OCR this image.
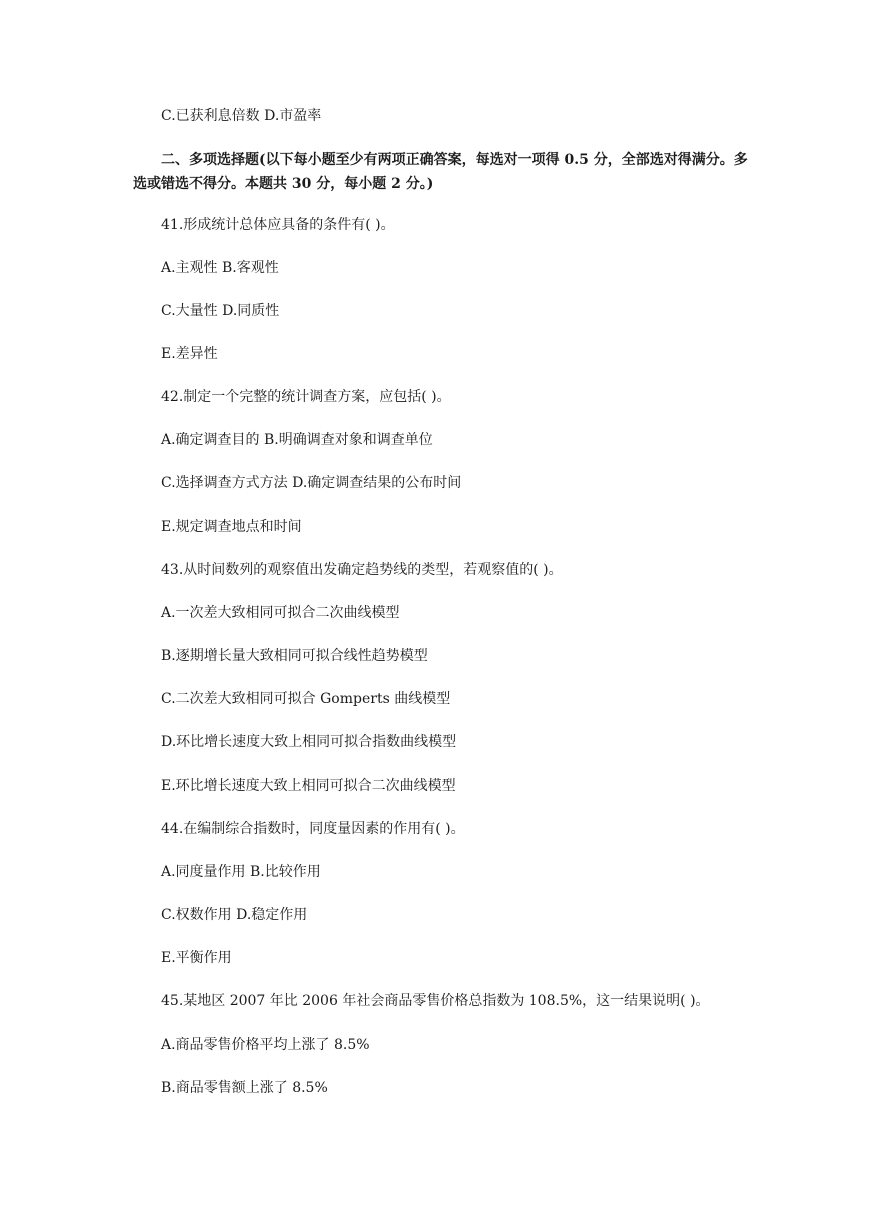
C.已获利息倍数 D.市盈率
二、多项选择题(以下每小题至少有两项正确答案，每选对一项得 0.5 分，全部选对得满分。多选或错选不得分。本题共 30 分，每小题 2 分。)
41.形成统计总体应具备的条件有( )。
A.主观性 B.客观性
C.大量性 D.同质性
E.差异性
42.制定一个完整的统计调查方案，应包括( )。
A.确定调查目的 B.明确调查对象和调查单位
C.选择调查方式方法 D.确定调查结果的公布时间
E.规定调查地点和时间
43.从时间数列的观察值出发确定趋势线的类型，若观察值的( )。
A.一次差大致相同可拟合二次曲线模型
B.逐期增长量大致相同可拟合线性趋势模型
C.二次差大致相同可拟合 Gomperts 曲线模型
D.环比增长速度大致上相同可拟合指数曲线模型
E.环比增长速度大致上相同可拟合二次曲线模型
44.在编制综合指数时，同度量因素的作用有( )。
A.同度量作用 B.比较作用
C.权数作用 D.稳定作用
E.平衡作用
45.某地区 2007 年比 2006 年社会商品零售价格总指数为 108.5%，这一结果说明( )。
A.商品零售价格平均上涨了 8.5%
B.商品零售额上涨了 8.5%
